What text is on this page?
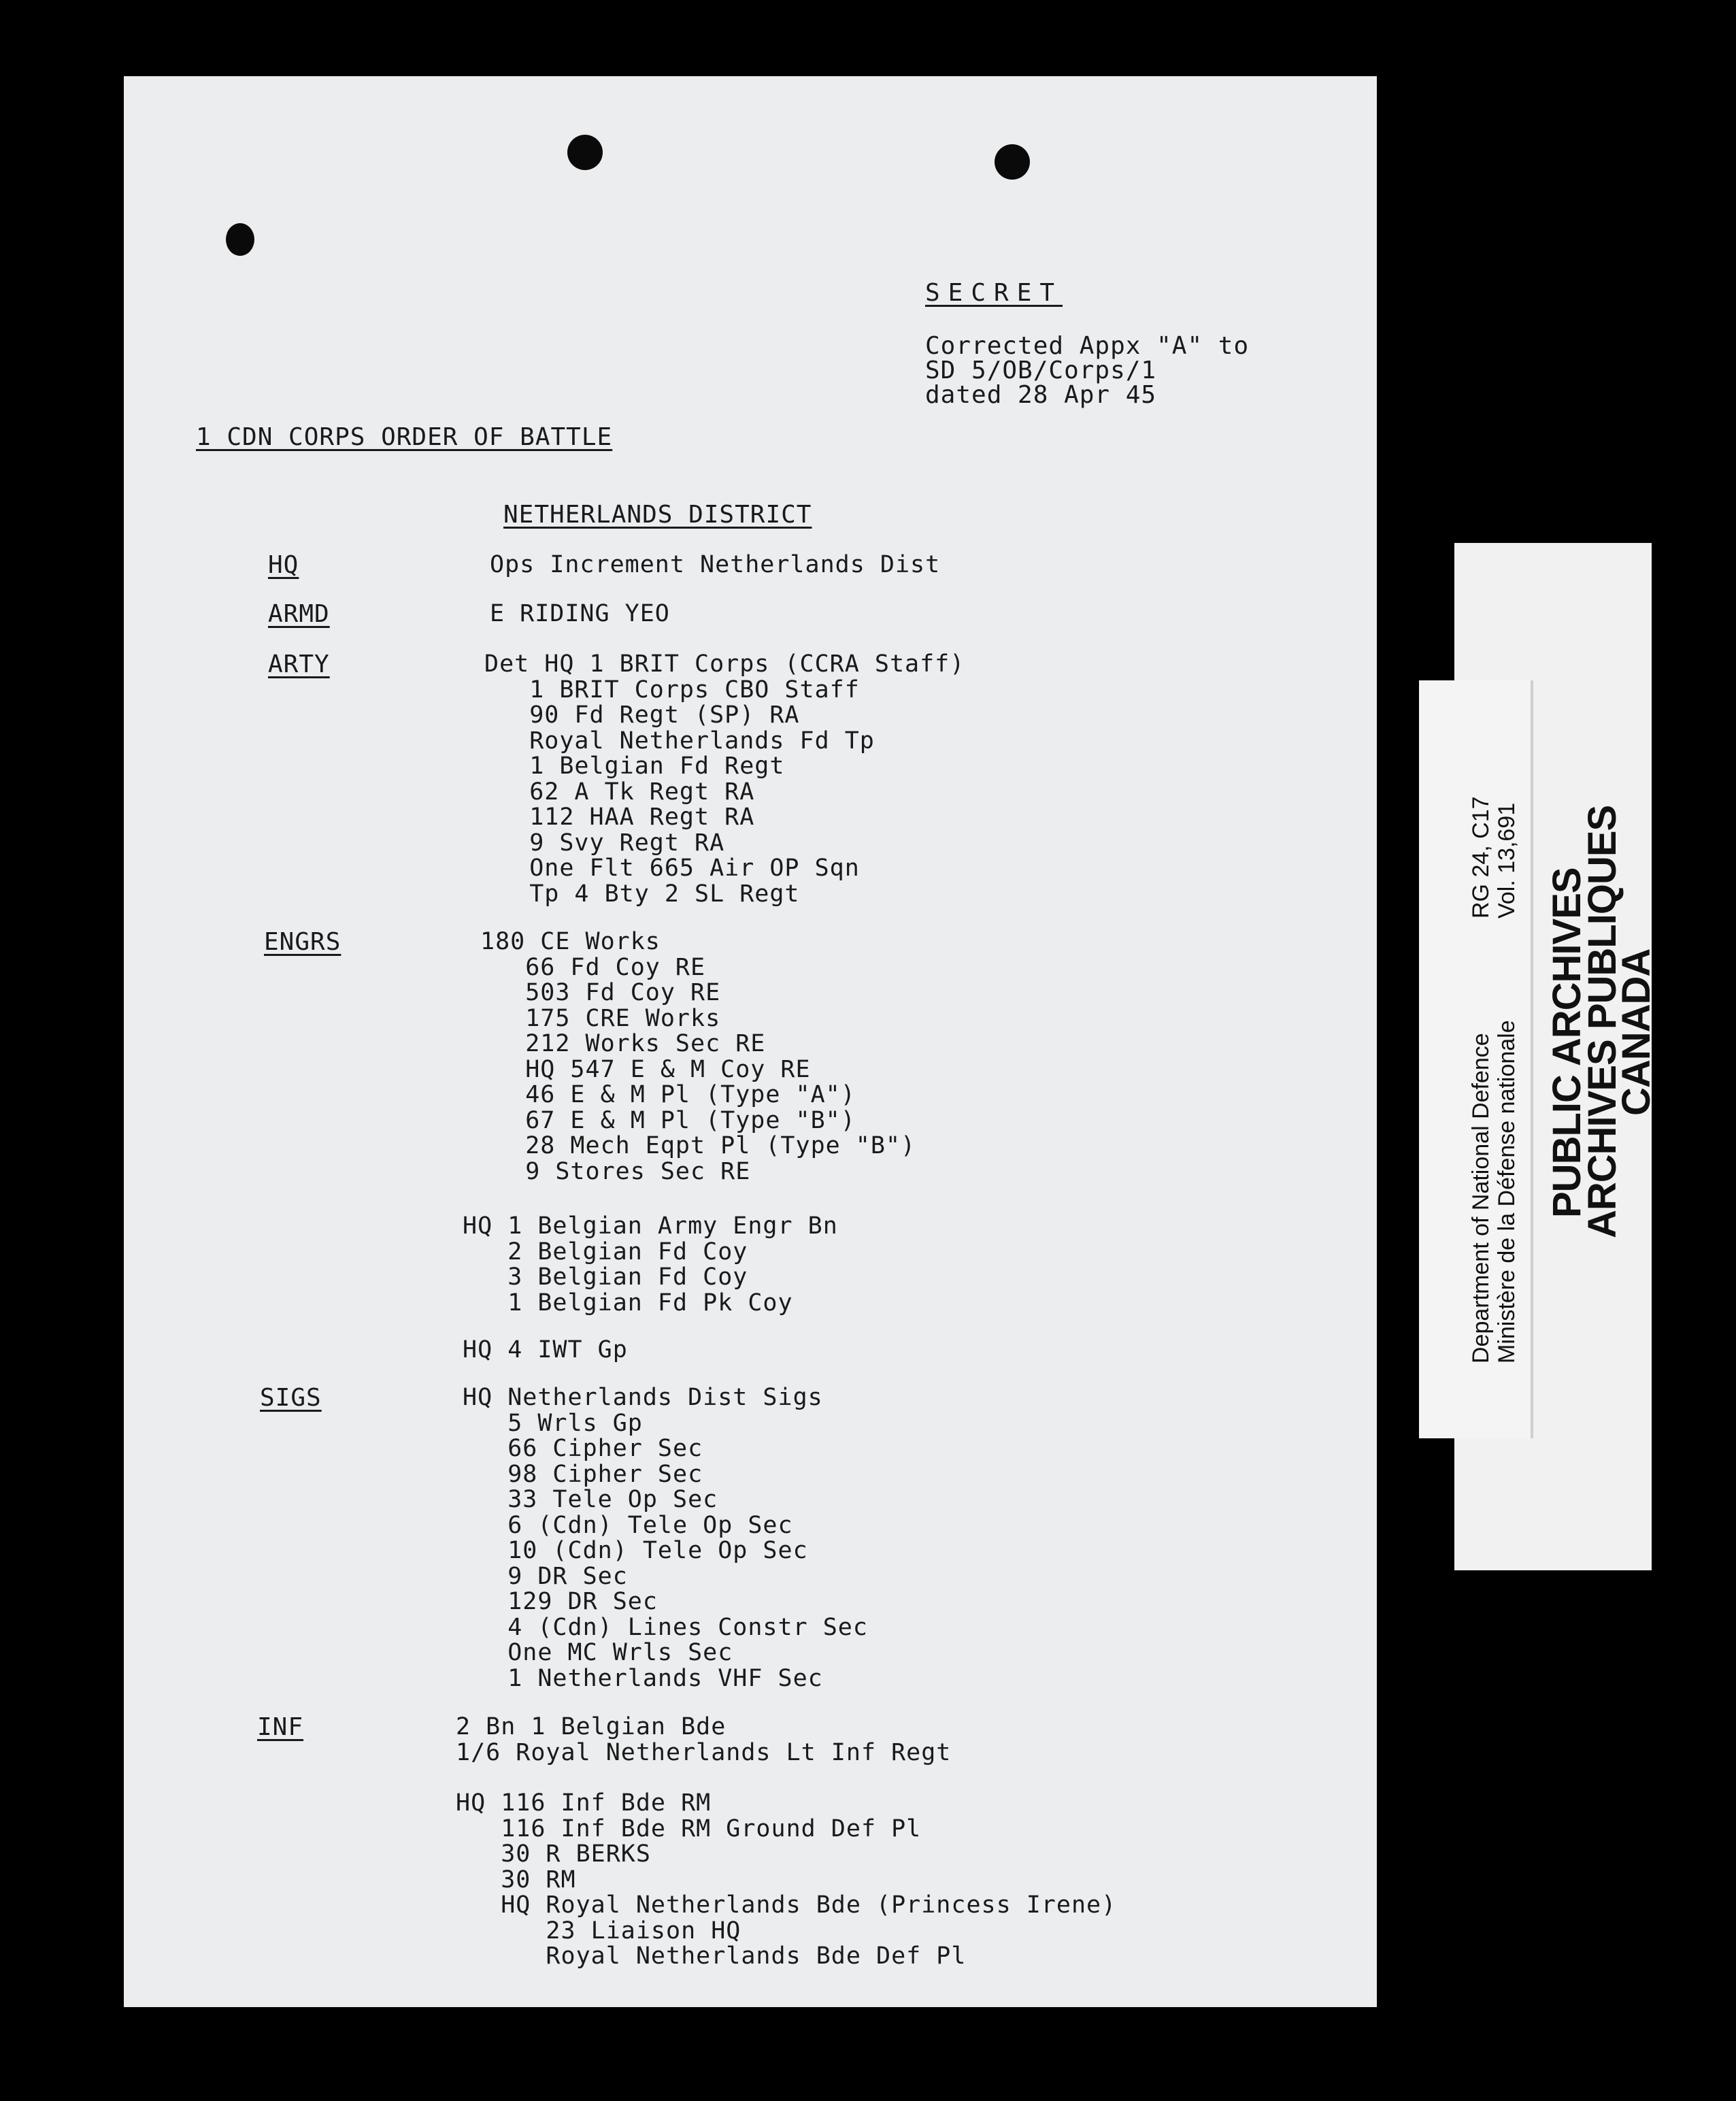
SECRET
Corrected Appx "A" to
SD 5/OB/Corps/1
dated 28 Apr 45
1 CDN CORPS ORDER OF BATTLE
NETHERLANDS DISTRICT
HQ
ARMD
ARTY
ENGRS
SIGS
INF
Ops Increment Netherlands Dist
E RIDING YEO
Det HQ 1 BRIT Corps (CCRA Staff)
1 BRIT Corps CBO Staff
90 Fd Regt (SP) RA
Royal Netherlands Fd Tp
1 Belgian Fd Regt
62 A Tk Regt RA
112 HAA Regt RA
9 Svy Regt RA
One Flt 665 Air OP Sqn
Tp 4 Bty 2 SL Regt
180 CE Works
66 Fd Coy RE
503 Fd Coy RE
175 CRE Works
212 Works Sec RE
HQ 547 E & M Coy RE
46 E & M Pl (Type "A")
67 E & M Pl (Type "B")
28 Mech Eqpt Pl (Type "B")
9 Stores Sec RE
HQ 1 Belgian Army Engr Bn
2 Belgian Fd Coy
3 Belgian Fd Coy
1 Belgian Fd Pk Coy
HQ 4 IWT Gp
HQ Netherlands Dist Sigs
5 Wrls Gp
66 Cipher Sec
98 Cipher Sec
33 Tele Op Sec
6 (Cdn) Tele Op Sec
10 (Cdn) Tele Op Sec
9 DR Sec
129 DR Sec
4 (Cdn) Lines Constr Sec
One MC Wrls Sec
1 Netherlands VHF Sec
2 Bn 1 Belgian Bde
1/6 Royal Netherlands Lt Inf Regt
HQ 116 Inf Bde RM
116 Inf Bde RM Ground Def Pl
30 R BERKS
30 RM
HQ Royal Netherlands Bde (Princess Irene)
23 Liaison HQ
Royal Netherlands Bde Def Pl
PUBLIC ARCHIVES
ARCHIVES PUBLIQUES
CANADA
Department of National Defence Ministère de la Défense nationale
RG 24, C17 Vol. 13,691
